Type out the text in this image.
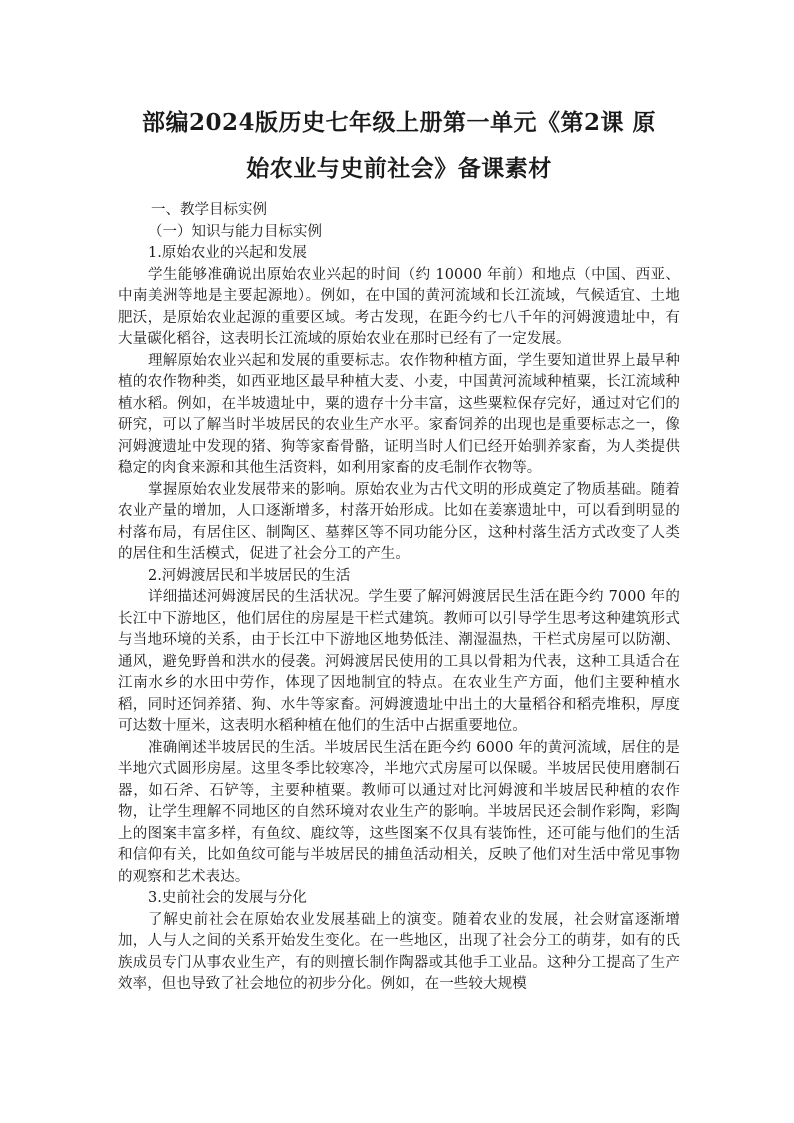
部编2024版历史七年级上册第一单元《第2课 原
始农业与史前社会》备课素材

一、教学目标实例

（一）知识与能力目标实例

1.原始农业的兴起和发展

学生能够准确说出原始农业兴起的时间（约 10000 年前）和地点（中国、西亚、中南美洲等地是主要起源地）。例如，在中国的黄河流域和长江流域，气候适宜、土地肥沃，是原始农业起源的重要区域。考古发现，在距今约七八千年的河姆渡遗址中，有大量碳化稻谷，这表明长江流域的原始农业在那时已经有了一定发展。

理解原始农业兴起和发展的重要标志。农作物种植方面，学生要知道世界上最早种植的农作物种类，如西亚地区最早种植大麦、小麦，中国黄河流域种植粟，长江流域种植水稻。例如，在半坡遗址中，粟的遗存十分丰富，这些粟粒保存完好，通过对它们的研究，可以了解当时半坡居民的农业生产水平。家畜饲养的出现也是重要标志之一，像河姆渡遗址中发现的猪、狗等家畜骨骼，证明当时人们已经开始驯养家畜，为人类提供稳定的肉食来源和其他生活资料，如利用家畜的皮毛制作衣物等。

掌握原始农业发展带来的影响。原始农业为古代文明的形成奠定了物质基础。随着农业产量的增加，人口逐渐增多，村落开始形成。比如在姜寨遗址中，可以看到明显的村落布局，有居住区、制陶区、墓葬区等不同功能分区，这种村落生活方式改变了人类的居住和生活模式，促进了社会分工的产生。

2.河姆渡居民和半坡居民的生活

详细描述河姆渡居民的生活状况。学生要了解河姆渡居民生活在距今约 7000 年的长江中下游地区，他们居住的房屋是干栏式建筑。教师可以引导学生思考这种建筑形式与当地环境的关系，由于长江中下游地区地势低洼、潮湿温热，干栏式房屋可以防潮、通风，避免野兽和洪水的侵袭。河姆渡居民使用的工具以骨耜为代表，这种工具适合在江南水乡的水田中劳作，体现了因地制宜的特点。在农业生产方面，他们主要种植水稻，同时还饲养猪、狗、水牛等家畜。河姆渡遗址中出土的大量稻谷和稻壳堆积，厚度可达数十厘米，这表明水稻种植在他们的生活中占据重要地位。

准确阐述半坡居民的生活。半坡居民生活在距今约 6000 年的黄河流域，居住的是半地穴式圆形房屋。这里冬季比较寒冷，半地穴式房屋可以保暖。半坡居民使用磨制石器，如石斧、石铲等，主要种植粟。教师可以通过对比河姆渡和半坡居民种植的农作物，让学生理解不同地区的自然环境对农业生产的影响。半坡居民还会制作彩陶，彩陶上的图案丰富多样，有鱼纹、鹿纹等，这些图案不仅具有装饰性，还可能与他们的生活和信仰有关，比如鱼纹可能与半坡居民的捕鱼活动相关，反映了他们对生活中常见事物的观察和艺术表达。

3.史前社会的发展与分化

了解史前社会在原始农业发展基础上的演变。随着农业的发展，社会财富逐渐增加，人与人之间的关系开始发生变化。在一些地区，出现了社会分工的萌芽，如有的氏族成员专门从事农业生产，有的则擅长制作陶器或其他手工业品。这种分工提高了生产效率，但也导致了社会地位的初步分化。例如，在一些较大规模
